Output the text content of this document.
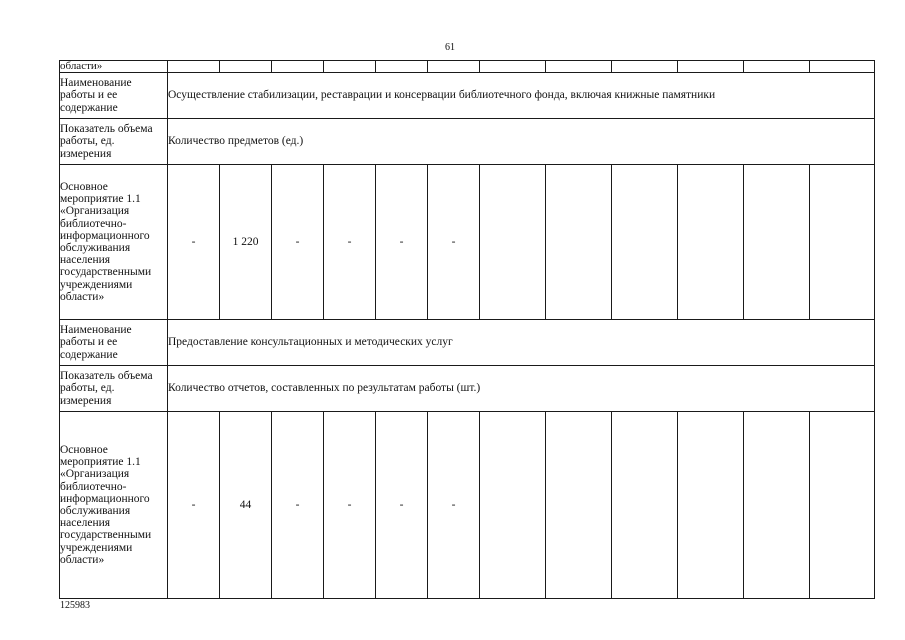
61
области»												
Наименование работы и ее содержание	Осуществление стабилизации, реставрации и консервации библиотечного фонда, включая книжные памятники											
Показатель объема работы, ед. измерения	Количество предметов (ед.)											
Основное мероприятие 1.1 «Организация библиотечно-информационного обслуживания населения государственными учреждениями области»	-	1 220	-	-	-	-						
Наименование работы и ее содержание	Предоставление консультационных и методических услуг											
Показатель объема работы, ед. измерения	Количество отчетов, составленных по результатам работы (шт.)											
Основное мероприятие 1.1 «Организация библиотечно-информационного обслуживания населения государственными учреждениями области»	-	44	-	-	-	-						
125983
